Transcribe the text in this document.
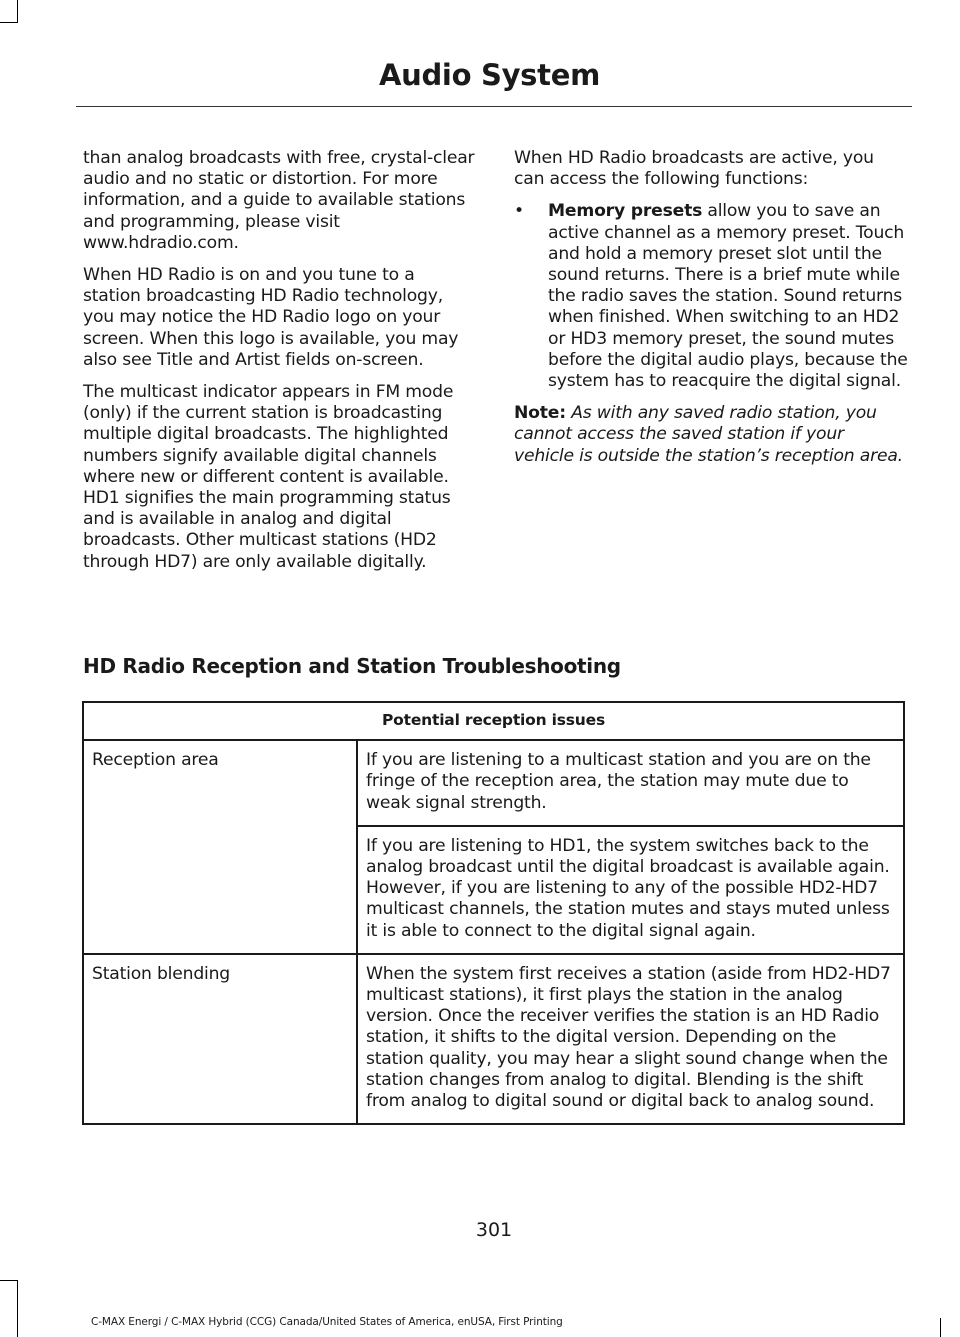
Audio System

than analog broadcasts with free, crystal-clear audio and no static or distortion. For more information, and a guide to available stations and programming, please visit www.hdradio.com.

When HD Radio is on and you tune to a station broadcasting HD Radio technology, you may notice the HD Radio logo on your screen. When this logo is available, you may also see Title and Artist fields on-screen.

The multicast indicator appears in FM mode (only) if the current station is broadcasting multiple digital broadcasts. The highlighted numbers signify available digital channels where new or different content is available. HD1 signifies the main programming status and is available in analog and digital broadcasts. Other multicast stations (HD2 through HD7) are only available digitally.

When HD Radio broadcasts are active, you can access the following functions:

•	Memory presets allow you to save an active channel as a memory preset. Touch and hold a memory preset slot until the sound returns. There is a brief mute while the radio saves the station. Sound returns when finished. When switching to an HD2 or HD3 memory preset, the sound mutes before the digital audio plays, because the system has to reacquire the digital signal.

Note: As with any saved radio station, you cannot access the saved station if your vehicle is outside the station’s reception area.

HD Radio Reception and Station Troubleshooting
Potential reception issues	
Reception area	If you are listening to a multicast station and you are on the fringe of the reception area, the station may mute due to weak signal strength.
	If you are listening to HD1, the system switches back to the analog broadcast until the digital broadcast is available again. However, if you are listening to any of the possible HD2-HD7 multicast channels, the station mutes and stays muted unless it is able to connect to the digital signal again.
Station blending	When the system first receives a station (aside from HD2-HD7 multicast stations), it first plays the station in the analog version. Once the receiver verifies the station is an HD Radio station, it shifts to the digital version. Depending on the station quality, you may hear a slight sound change when the station changes from analog to digital. Blending is the shift from analog to digital sound or digital back to analog sound.
301
C-MAX Energi / C-MAX Hybrid (CCG) Canada/United States of America, enUSA, First Printing
